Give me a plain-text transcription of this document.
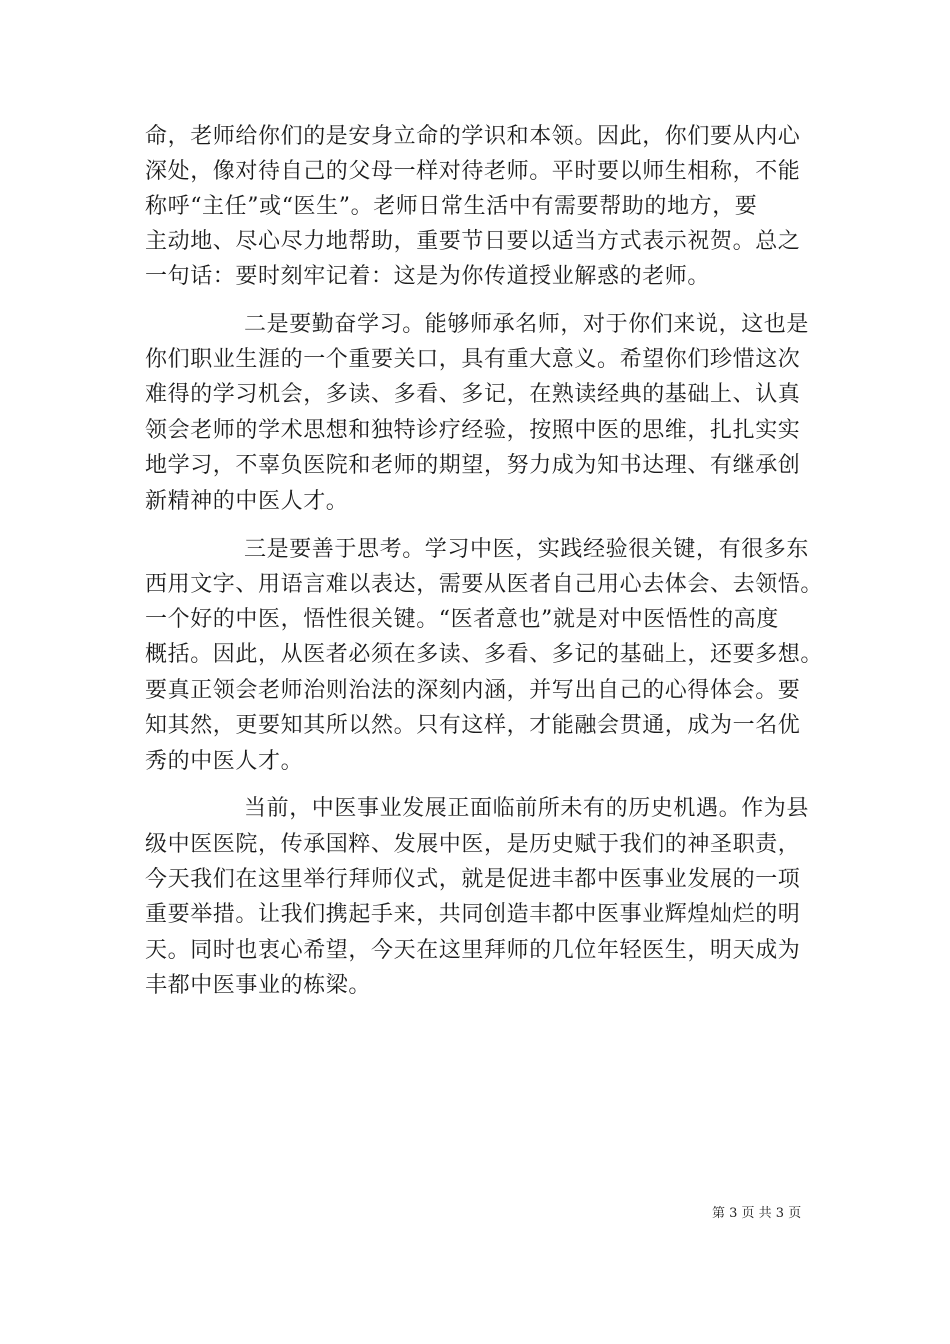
命，老师给你们的是安身立命的学识和本领。因此，你们要从内心
深处，像对待自己的父母一样对待老师。平时要以师生相称，不能
称呼“主任”或“医生”。老师日常生活中有需要帮助的地方，要
主动地、尽心尽力地帮助，重要节日要以适当方式表示祝贺。总之
一句话：要时刻牢记着：这是为你传道授业解惑的老师。
二是要勤奋学习。能够师承名师，对于你们来说，这也是
你们职业生涯的一个重要关口，具有重大意义。希望你们珍惜这次
难得的学习机会，多读、多看、多记，在熟读经典的基础上、认真
领会老师的学术思想和独特诊疗经验，按照中医的思维，扎扎实实
地学习，不辜负医院和老师的期望，努力成为知书达理、有继承创
新精神的中医人才。
三是要善于思考。学习中医，实践经验很关键，有很多东
西用文字、用语言难以表达，需要从医者自己用心去体会、去领悟。
一个好的中医，悟性很关键。“医者意也”就是对中医悟性的高度
概括。因此，从医者必须在多读、多看、多记的基础上，还要多想。
要真正领会老师治则治法的深刻内涵，并写出自己的心得体会。要
知其然，更要知其所以然。只有这样，才能融会贯通，成为一名优
秀的中医人才。
当前，中医事业发展正面临前所未有的历史机遇。作为县
级中医医院，传承国粹、发展中医，是历史赋于我们的神圣职责，
今天我们在这里举行拜师仪式，就是促进丰都中医事业发展的一项
重要举措。让我们携起手来，共同创造丰都中医事业辉煌灿烂的明
天。同时也衷心希望，今天在这里拜师的几位年轻医生，明天成为
丰都中医事业的栋梁。
第 3 页 共 3 页
